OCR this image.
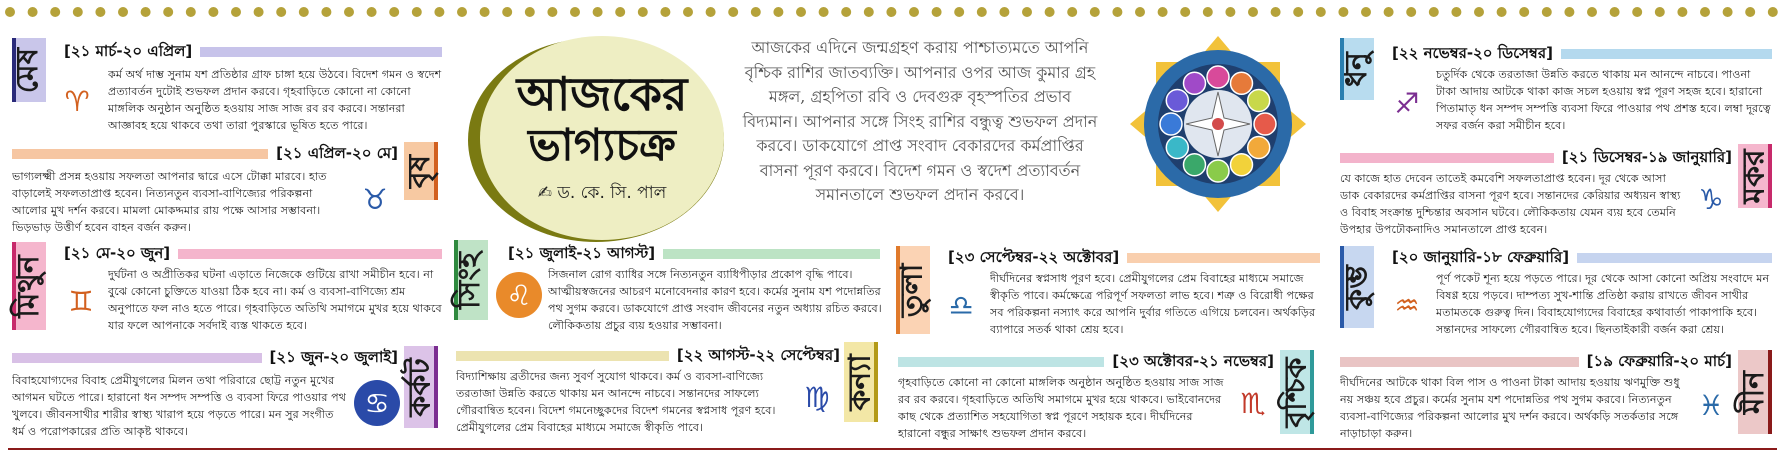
আজকের
ভাগ্যচক্র
✍ ড. কে. সি. পাল
আজকের এদিনে জন্মগ্রহণ করায় পাশ্চাত্যমতে আপনি বৃশ্চিক রাশির জাতব্যক্তি। আপনার ওপর আজ কুমার গ্রহ মঙ্গল, গ্রহপিতা রবি ও দেবগুরু বৃহস্পতির প্রভাব বিদ্যমান। আপনার সঙ্গে সিংহ রাশির বন্ধুত্ব শুভফল প্রদান করবে। ডাকযোগে প্রাপ্ত সংবাদ বেকারদের কর্মপ্রাপ্তির বাসনা পূরণ করবে। বিদেশ গমন ও স্বদেশ প্রত্যাবর্তন সমানতালে শুভফল প্রদান করবে।
মেষ	[২১ মার্চ-২০ এপ্রিল]
♈
কর্ম অর্থ দাম্ভ সুনাম যশ প্রতিষ্ঠার গ্রাফ চাঙ্গা হয়ে উঠবে। বিদেশ গমন ও স্বদেশ প্রত্যাবর্তন দুটোই শুভফল প্রদান করবে। গৃহবাড়িতে কোনো না কোনো মাঙ্গলিক অনুষ্ঠান অনুষ্ঠিত হওয়ায় সাজ সাজ রব রব করবে। সন্তানরা আজ্ঞাবহ হয়ে থাকবে তথা তারা পুরস্কারে ভূষিত হতে পারে।
বৃষ
[২১ এপ্রিল-২০ মে]
♉
ভাগ্যলক্ষ্মী প্রসন্ন হওয়ায় সফলতা আপনার দ্বারে এসে টোক্কা মারবে। হাত বাড়ালেই সফলতাপ্রাপ্ত হবেন। নিত্যনতুন ব্যবসা-বাণিজ্যের পরিকল্পনা আলোর মুখ দর্শন করবে। মামলা মোকদ্দমার রায় পক্ষে আসার সম্ভাবনা। ভিড়ভাড় উত্তীর্ণ হবেন বাহন বর্জন করুন।
মিথুন
[২১ মে-২০ জুন]
♊
দুর্ঘটনা ও অপ্রীতিকর ঘটনা এড়াতে নিজেকে গুটিয়ে রাখা সমীচীন হবে। না বুঝে কোনো চুক্তিতে যাওয়া ঠিক হবে না। কর্ম ও ব্যবসা-বাণিজ্যে শ্রম অনুপাতে ফল নাও হতে পারে। গৃহবাড়িতে অতিথি সমাগমে মুখর হয়ে থাকবে যার ফলে আপনাকে সর্বদাই ব্যস্ত থাকতে হবে।
কর্কট
[২১ জুন-২০ জুলাই]
♋
বিবাহযোগ্যদের বিবাহ প্রেমীযুগলের মিলন তথা পরিবারে ছোট্ট নতুন মুখের আগমন ঘটতে পারে। হারানো ধন সম্পদ সম্পত্তি ও ব্যবসা ফিরে পাওয়ার পথ খুলবে। জীবনসাথীর শারীর স্বাস্থ্য খারাপ হয়ে পড়তে পারে। মন সুর সংগীত ধর্ম ও পরোপকারের প্রতি আকৃষ্ট থাকবে।
সিংহ	[২১ জুলাই-২১ আগস্ট]
♌
সিজনাল রোগ ব্যাধির সঙ্গে নিত্যনতুন ব্যাধিপীড়ার প্রকোপ বৃদ্ধি পাবে। আত্মীয়স্বজনের আচরণ মনোবেদনার কারণ হবে। কর্মের সুনাম যশ পদোন্নতির পথ সুগম করবে। ডাকযোগে প্রাপ্ত সংবাদ জীবনের নতুন অধ্যায় রচিত করবে। লৌকিকতায় প্রচুর ব্যয় হওয়ার সম্ভাবনা।
কন্যা
[২২ আগস্ট-২২ সেপ্টেম্বর]
♍
বিদ্যাশিক্ষায় ব্রতীদের জন্য সুবর্ণ সুযোগ থাকবে। কর্ম ও ব্যবসা-বাণিজ্যে তরতাজা উন্নতি করতে থাকায় মন আনন্দে নাচবে। সন্তানদের সাফল্যে গৌরবান্বিত হবেন। বিদেশ গমনেচ্ছুকদের বিদেশ গমনের স্বপ্নসাধ পূরণ হবে। প্রেমীযুগলের প্রেম বিবাহের মাধ্যমে সমাজে স্বীকৃতি পাবে।
তুলা
[২৩ সেপ্টেম্বর-২২ অক্টোবর]
♎
দীর্ঘদিনের স্বপ্নসাধ পূরণ হবে। প্রেমীযুগলের প্রেম বিবাহের মাধ্যমে সমাজে স্বীকৃতি পাবে। কর্মক্ষেত্রে পরিপূর্ণ সফলতা লাভ হবে। শত্রু ও বিরোধী পক্ষের সব পরিকল্পনা নস্যাৎ করে আপনি দুর্বার গতিতে এগিয়ে চলবেন। অর্থকড়ির ব্যাপারে সতর্ক থাকা শ্রেয় হবে।
বৃশ্চিক
[২৩ অক্টোবর-২১ নভেম্বর]
♏
গৃহবাড়িতে কোনো না কোনো মাঙ্গলিক অনুষ্ঠান অনুষ্ঠিত হওয়ায় সাজ সাজ রব রব করবে। গৃহবাড়িতে অতিথি সমাগমে মুখর হয়ে থাকবে। ভাইবোনদের কাছ থেকে প্রত্যাশিত সহযোগিতা স্বপ্ন পূরণে সহায়ক হবে। দীর্ঘদিনের হারানো বন্ধুর সাক্ষাৎ শুভফল প্রদান করবে।
ধনু	[২২ নভেম্বর-২০ ডিসেম্বর]
♐
চতুর্দিক থেকে তরতাজা উন্নতি করতে থাকায় মন আনন্দে নাচবে। পাওনা টাকা আদায় আটকে থাকা কাজ সচল হওয়ায় স্বপ্ন পূরণ সহজ হবে। হারানো পিতামাতৃ ধন সম্পদ সম্পত্তি ব্যবসা ফিরে পাওয়ার পথ প্রশস্ত হবে। লম্বা দূরত্বে সফর বর্জন করা সমীচীন হবে।
মকর
[২১ ডিসেম্বর-১৯ জানুয়ারি]
♑
যে কাজে হাত দেবেন তাতেই কমবেশি সফলতাপ্রাপ্ত হবেন। দূর থেকে আসা ডাক বেকারদের কর্মপ্রাপ্তির বাসনা পূরণ হবে। সন্তানদের কেরিয়ার অধ্যয়ন স্বাস্থ্য ও বিবাহ সংক্রান্ত দুশ্চিন্তার অবসান ঘটবে। লৌকিকতায় যেমন ব্যয় হবে তেমনি উপহার উপঢৌকনাদিও সমানতালে প্রাপ্ত হবেন।
কুম্ভ
[২০ জানুয়ারি-১৮ ফেব্রুয়ারি]
♒
পূর্ণ পকেট শূন্য হয়ে পড়তে পারে। দূর থেকে আসা কোনো অপ্রিয় সংবাদে মন বিষণ্ণ হয়ে পড়বে। দাম্পত্য সুখ-শান্তি প্রতিষ্ঠা করায় রাখতে জীবন সাথীর মতামতকে গুরুত্ব দিন। বিবাহযোগ্যদের বিবাহের কথাবার্তা পাকাপাকি হবে। সন্তানদের সাফল্যে গৌরবান্বিত হবে। ছিনতাইকারী বর্জন করা শ্রেয়।
মীন
[১৯ ফেব্রুয়ারি-২০ মার্চ]
♓
দীর্ঘদিনের আটকে থাকা বিল পাস ও পাওনা টাকা আদায় হওয়ায় ঋণমুক্তি শুধু নয় সঞ্চয় হবে প্রচুর। কর্মের সুনাম যশ পদোন্নতির পথ সুগম করবে। নিত্যনতুন ব্যবসা-বাণিজ্যের পরিকল্পনা আলোর মুখ দর্শন করবে। অর্থকড়ি সতর্কতার সঙ্গে নাড়াচাড়া করুন।
